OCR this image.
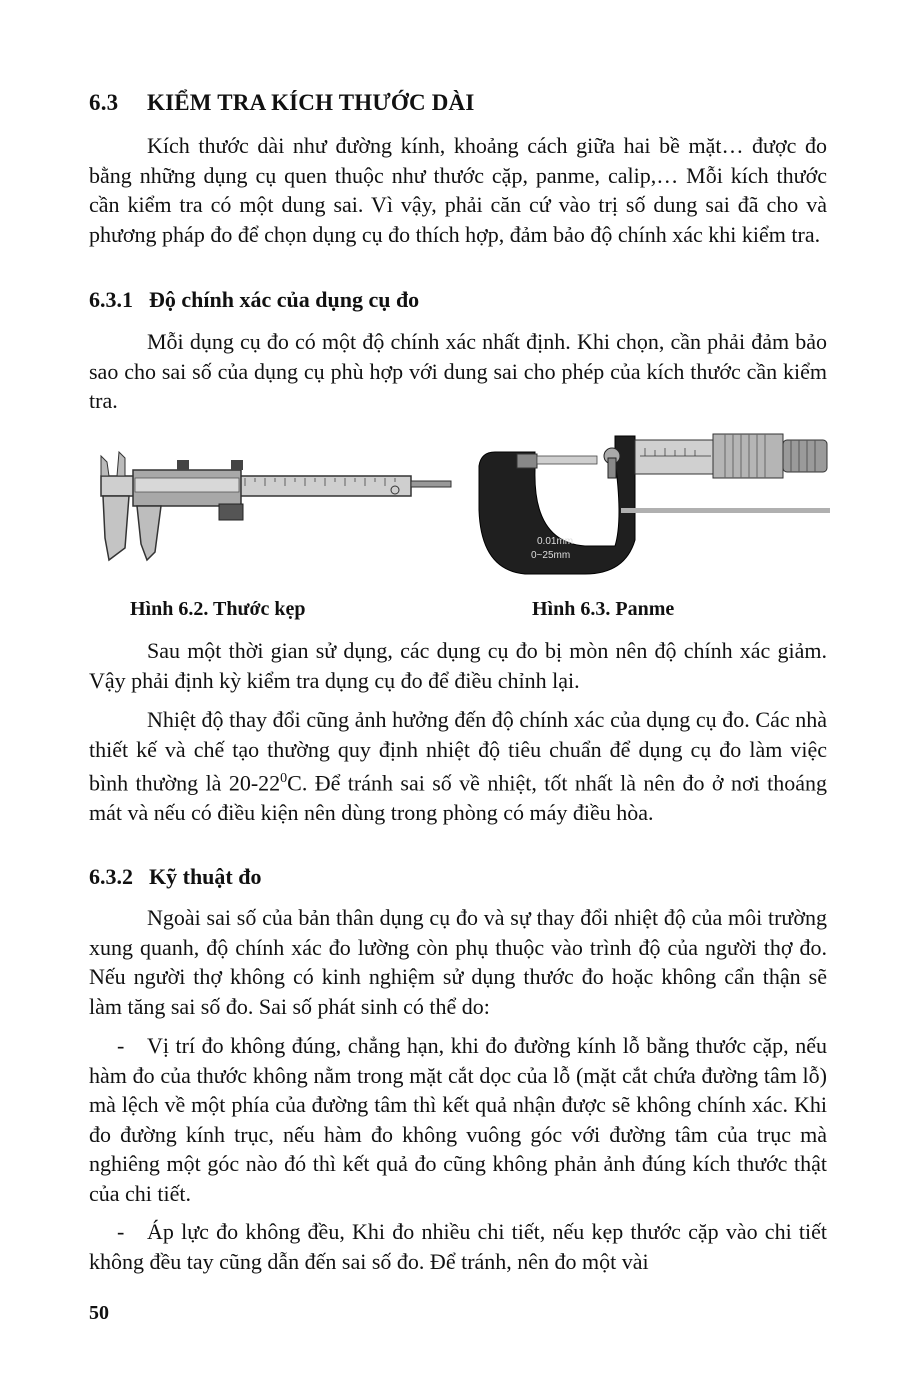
6.3 KIỂM TRA KÍCH THƯỚC DÀI

Kích thước dài như đường kính, khoảng cách giữa hai bề mặt… được đo bằng những dụng cụ quen thuộc như thước cặp, panme, calip,… Mỗi kích thước cần kiểm tra có một dung sai. Vì vậy, phải căn cứ vào trị số dung sai đã cho và phương pháp đo để chọn dụng cụ đo thích hợp, đảm bảo độ chính xác khi kiểm tra.

6.3.1 Độ chính xác của dụng cụ đo

Mỗi dụng cụ đo có một độ chính xác nhất định. Khi chọn, cần phải đảm bảo sao cho sai số của dụng cụ phù hợp với dung sai cho phép của kích thước cần kiểm tra.

0.01mm
0~25mm
Hình 6.2. Thước kẹp	Hình 6.3. Panme

Sau một thời gian sử dụng, các dụng cụ đo bị mòn nên độ chính xác giảm. Vậy phải định kỳ kiểm tra dụng cụ đo để điều chỉnh lại.

Nhiệt độ thay đổi cũng ảnh hưởng đến độ chính xác của dụng cụ đo. Các nhà thiết kế và chế tạo thường quy định nhiệt độ tiêu chuẩn để dụng cụ đo làm việc bình thường là $20-22^0C$. Để tránh sai số về nhiệt, tốt nhất là nên đo ở nơi thoáng mát và nếu có điều kiện nên dùng trong phòng có máy điều hòa.

6.3.2 Kỹ thuật đo

Ngoài sai số của bản thân dụng cụ đo và sự thay đổi nhiệt độ của môi trường xung quanh, độ chính xác đo lường còn phụ thuộc vào trình độ của người thợ đo. Nếu người thợ không có kinh nghiệm sử dụng thước đo hoặc không cẩn thận sẽ làm tăng sai số đo. Sai số phát sinh có thể do:

- Vị trí đo không đúng, chẳng hạn, khi đo đường kính lỗ bằng thước cặp, nếu hàm đo của thước không nằm trong mặt cắt dọc của lỗ (mặt cắt chứa đường tâm lỗ) mà lệch về một phía của đường tâm thì kết quả nhận được sẽ không chính xác. Khi đo đường kính trục, nếu hàm đo không vuông góc với đường tâm của trục mà nghiêng một góc nào đó thì kết quả đo cũng không phản ảnh đúng kích thước thật của chi tiết.

- Áp lực đo không đều, Khi đo nhiều chi tiết, nếu kẹp thước cặp vào chi tiết không đều tay cũng dẫn đến sai số đo. Để tránh, nên đo một vài

50
